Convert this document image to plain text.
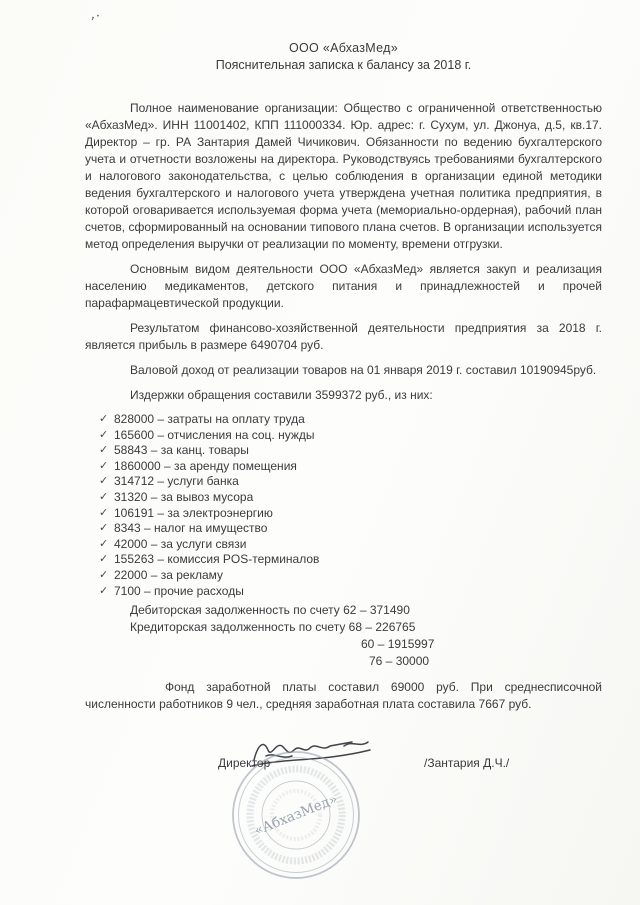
,·
ООО «АбхазМед»
Пояснительная записка к балансу за 2018 г.

Полное наименование организации: Общество с ограниченной ответственностью «АбхазМед». ИНН 11001402, КПП 111000334. Юр. адрес: г. Сухум, ул. Джонуа, д.5, кв.17. Директор – гр. РА Зантария Дамей Чичикович. Обязанности по ведению бухгалтерского учета и отчетности возложены на директора. Руководствуясь требованиями бухгалтерского и налогового законодательства, с целью соблюдения в организации единой методики ведения бухгалтерского и налогового учета утверждена учетная политика предприятия, в которой оговаривается используемая форма учета (мемориально-ордерная), рабочий план счетов, сформированный на основании типового плана счетов. В организации используется метод определения выручки от реализации по моменту, времени отгрузки.

Основным видом деятельности ООО «АбхазМед» является закуп и реализация населению медикаментов, детского питания и принадлежностей и прочей парафармацевтической продукции.

Результатом финансово-хозяйственной деятельности предприятия за 2018 г. является прибыль в размере 6490704 руб.

Валовой доход от реализации товаров на 01 января 2019 г. составил 10190945руб.

Издержки обращения составили 3599372 руб., из них:

✓ 828000 – затраты на оплату труда
✓ 165600 – отчисления на соц. нужды
✓ 58843 – за канц. товары
✓ 1860000 – за аренду помещения
✓ 314712 – услуги банка
✓ 31320 – за вывоз мусора
✓ 106191 – за электроэнергию
✓ 8343 – налог на имущество
✓ 42000 – за услуги связи
✓ 155263 – комиссия POS-терминалов
✓ 22000 – за рекламу
✓ 7100 – прочие расходы
Дебиторская задолженность по счету 62 – 371490
Кредиторская задолженность по счету 68 – 226765
60 – 1915997
76 – 30000

Фонд заработной платы составил 69000 руб. При среднесписочной численности работников 9 чел., средняя заработная плата составила 7667 руб.

Директор	/Зантария Д.Ч./
«АбхазМед»
